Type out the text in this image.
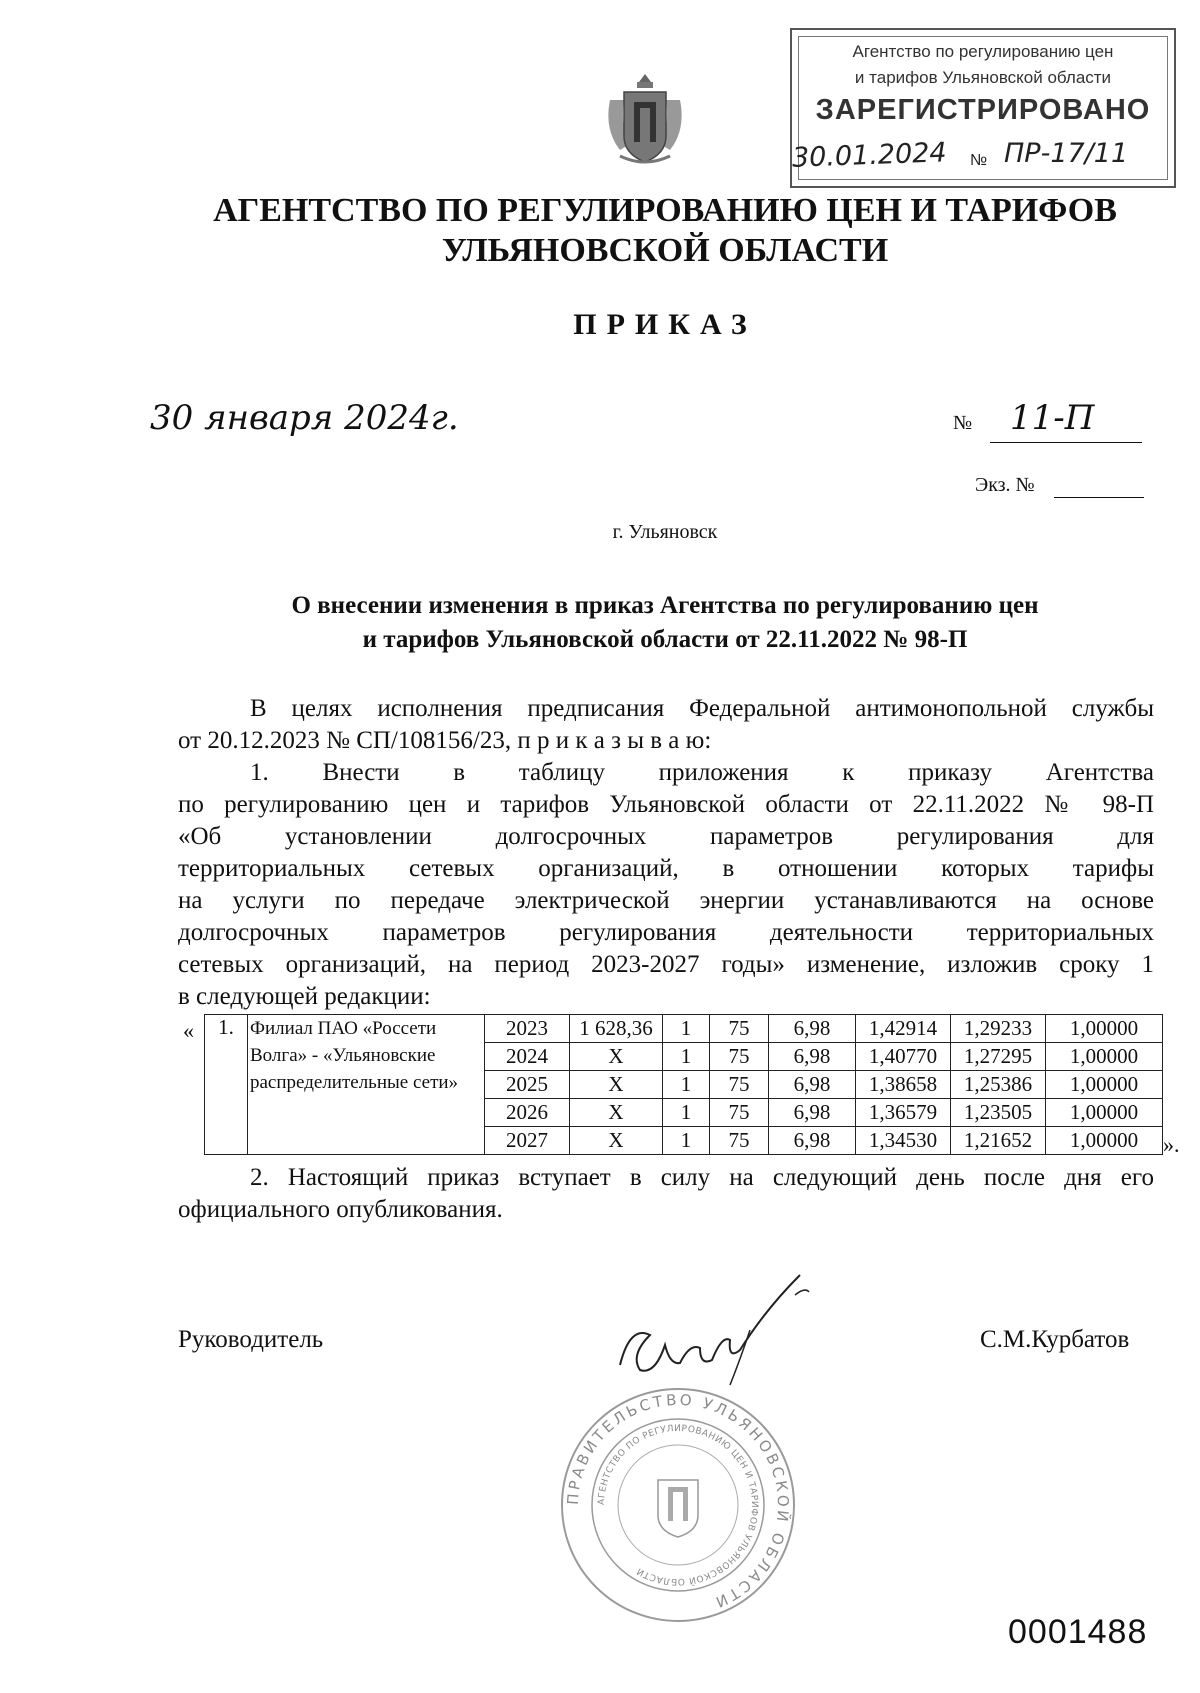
Агентство по регулированию цен
и тарифов Ульяновской области
ЗАРЕГИСТРИРОВАНО
30.01.2024 № ПР-17/11
АГЕНТСТВО ПО РЕГУЛИРОВАНИЮ ЦЕН И ТАРИФОВ
УЛЬЯНОВСКОЙ ОБЛАСТИ
ПРИКАЗ
30 января 2024г.	№ 11-П
Экз. №
г. Ульяновск
О внесении изменения в приказ Агентства по регулированию цен
и тарифов Ульяновской области от 22.11.2022 № 98-П
В целях исполнения предписания Федеральной антимонопольной службы
от 20.12.2023 № СП/108156/23, п р и к а з ы в а ю:
1. Внести в таблицу приложения к приказу Агентства
по регулированию цен и тарифов Ульяновской области от 22.11.2022 № 98-П
«Об установлении долгосрочных параметров регулирования для
территориальных сетевых организаций, в отношении которых тарифы
на услуги по передаче электрической энергии устанавливаются на основе
долгосрочных параметров регулирования деятельности территориальных
сетевых организаций, на период 2023-2027 годы» изменение, изложив сроку 1
в следующей редакции:
« 1.	Филиал ПАО «Россети Волга» - «Ульяновские распределительные сети»	2023	1 628,36	1	75	6,98	1,42914	1,29233	1,00000
		2024	X	1	75	6,98	1,40770	1,27295	1,00000
		2025	X	1	75	6,98	1,38658	1,25386	1,00000
		2026	X	1	75	6,98	1,36579	1,23505	1,00000
		2027	X	1	75	6,98	1,34530	1,21652	1,00000 ».
2. Настоящий приказ вступает в силу на следующий день после дня его
официального опубликования.
Руководитель	С.М.Курбатов
ПРАВИТЕЛЬСТВО УЛЬЯНОВСКОЙ ОБЛАСТИ
АГЕНТСТВО ПО РЕГУЛИРОВАНИЮ ЦЕН И ТАРИФОВ УЛЬЯНОВСКОЙ ОБЛАСТИ
0001488
